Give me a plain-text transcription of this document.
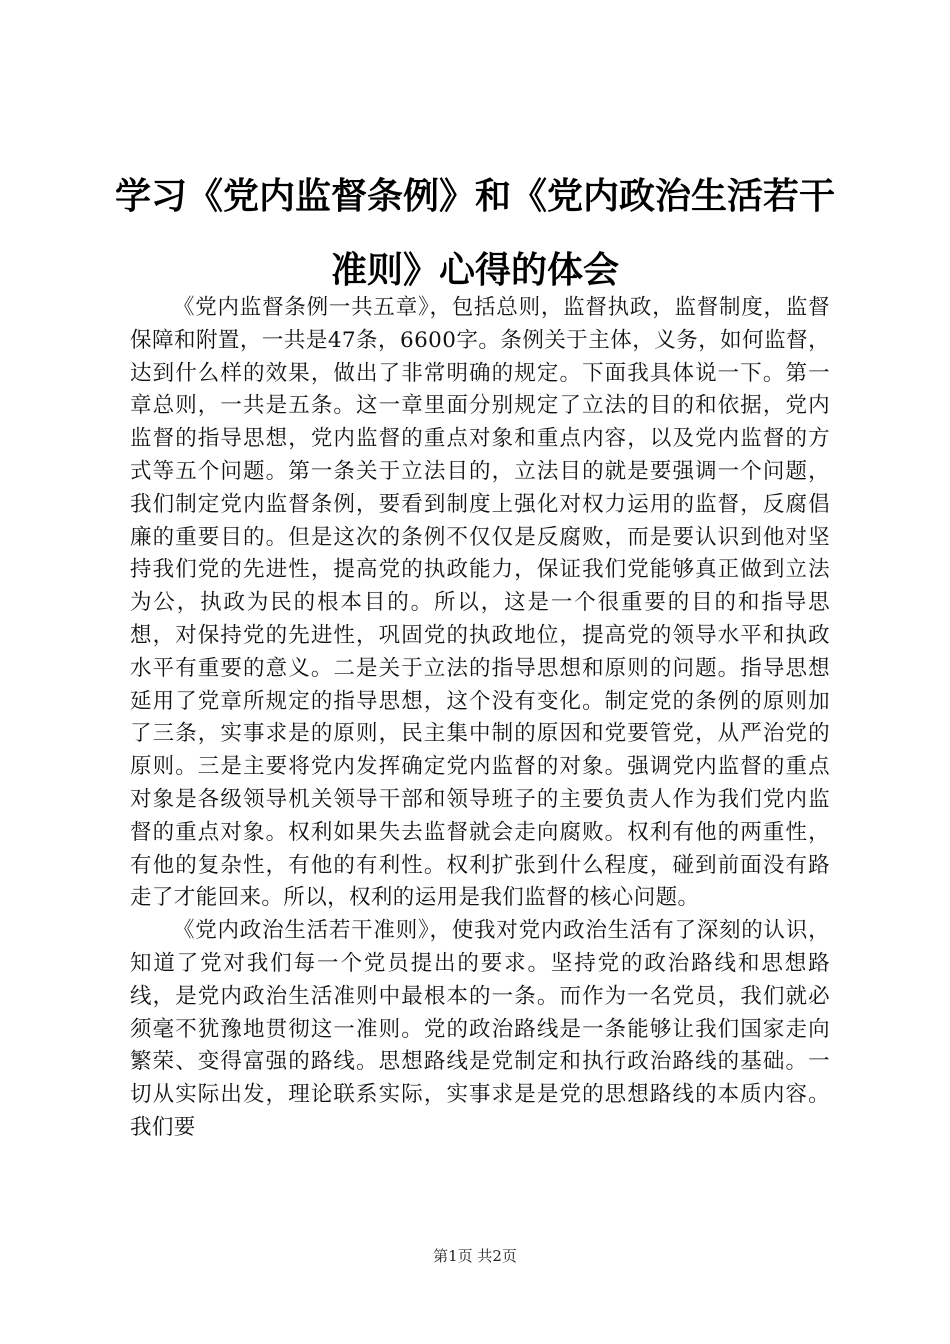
学习《党内监督条例》和《党内政治生活若干准则》心得的体会

《党内监督条例一共五章》，包括总则，监督执政，监督制度，监督保障和附置，一共是47条，6600字。条例关于主体，义务，如何监督，达到什么样的效果，做出了非常明确的规定。下面我具体说一下。第一章总则，一共是五条。这一章里面分别规定了立法的目的和依据，党内监督的指导思想，党内监督的重点对象和重点内容，以及党内监督的方式等五个问题。第一条关于立法目的，立法目的就是要强调一个问题，我们制定党内监督条例，要看到制度上强化对权力运用的监督，反腐倡廉的重要目的。但是这次的条例不仅仅是反腐败，而是要认识到他对坚持我们党的先进性，提高党的执政能力，保证我们党能够真正做到立法为公，执政为民的根本目的。所以，这是一个很重要的目的和指导思想，对保持党的先进性，巩固党的执政地位，提高党的领导水平和执政水平有重要的意义。二是关于立法的指导思想和原则的问题。指导思想延用了党章所规定的指导思想，这个没有变化。制定党的条例的原则加了三条，实事求是的原则，民主集中制的原因和党要管党，从严治党的原则。三是主要将党内发挥确定党内监督的对象。强调党内监督的重点对象是各级领导机关领导干部和领导班子的主要负责人作为我们党内监督的重点对象。权利如果失去监督就会走向腐败。权利有他的两重性，有他的复杂性，有他的有利性。权利扩张到什么程度，碰到前面没有路走了才能回来。所以，权利的运用是我们监督的核心问题。

《党内政治生活若干准则》，使我对党内政治生活有了深刻的认识，知道了党对我们每一个党员提出的要求。坚持党的政治路线和思想路线，是党内政治生活准则中最根本的一条。而作为一名党员，我们就必须毫不犹豫地贯彻这一准则。党的政治路线是一条能够让我们国家走向繁荣、变得富强的路线。思想路线是党制定和执行政治路线的基础。一切从实际出发，理论联系实际，实事求是是党的思想路线的本质内容。我们要

第1页 共2页
